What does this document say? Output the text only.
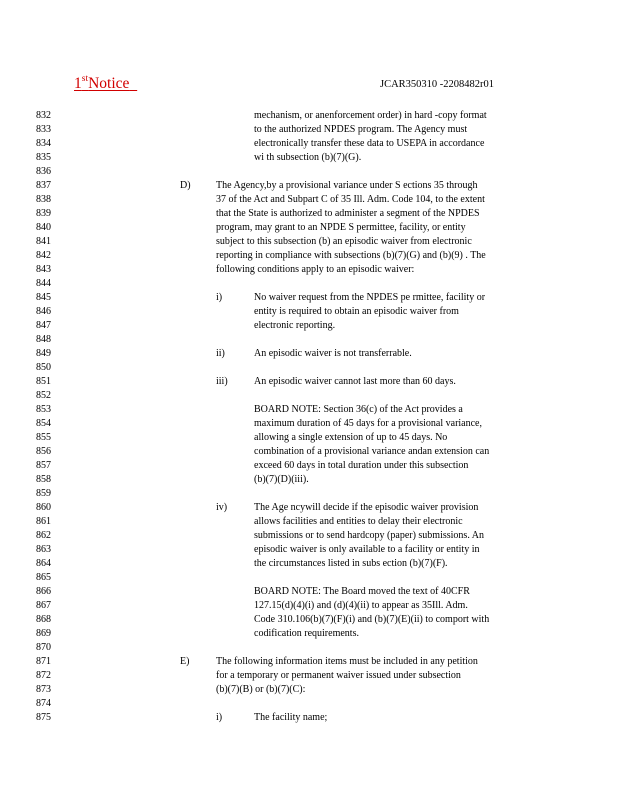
1stNotice	JCAR350310 -2208482r01
832
833
834
835
836
837
838
839
840
841
842
843
844
845
846
847
848
849
850
851
852
853
854
855
856
857
858
859
860
861
862
863
864
865
866
867
868
869
870
871
872
873
874
875
mechanism, or anenforcement order) in hard -copy format
to the authorized NPDES program. The Agency must
electronically transfer these data to USEPA in accordance
wi th subsection (b)(7)(G).
D)	The Agency,by a provisional variance under S ections 35 through
37 of the Act and Subpart C of 35 Ill. Adm. Code 104, to the extent
that the State is authorized to administer a segment of the NPDES
program, may grant to an NPDE S permittee, facility, or entity
subject to this subsection (b) an episodic waiver from electronic
reporting in compliance with subsections (b)(7)(G) and (b)(9) . The
following conditions apply to an episodic waiver:
i)	No waiver request from the NPDES pe rmittee, facility or
entity is required to obtain an episodic waiver from
electronic reporting.
ii)	An episodic waiver is not transferrable.
iii)	An episodic waiver cannot last more than 60 days.
BOARD NOTE: Section 36(c) of the Act provides a
maximum duration of 45 days for a provisional variance,
allowing a single extension of up to 45 days. No
combination of a provisional variance andan extension can
exceed 60 days in total duration under this subsection
(b)(7)(D)(iii).
iv)	The Age ncywill decide if the episodic waiver provision
allows facilities and entities to delay their electronic
submissions or to send hardcopy (paper) submissions. An
episodic waiver is only available to a facility or entity in
the circumstances listed in subs ection (b)(7)(F).
BOARD NOTE: The Board moved the text of 40CFR
127.15(d)(4)(i) and (d)(4)(ii) to appear as 35Ill. Adm.
Code 310.106(b)(7)(F)(i) and (b)(7)(E)(ii) to comport with
codification requirements.
E)	The following information items must be included in any petition
for a temporary or permanent waiver issued under subsection
(b)(7)(B) or (b)(7)(C):
i)	The facility name;
